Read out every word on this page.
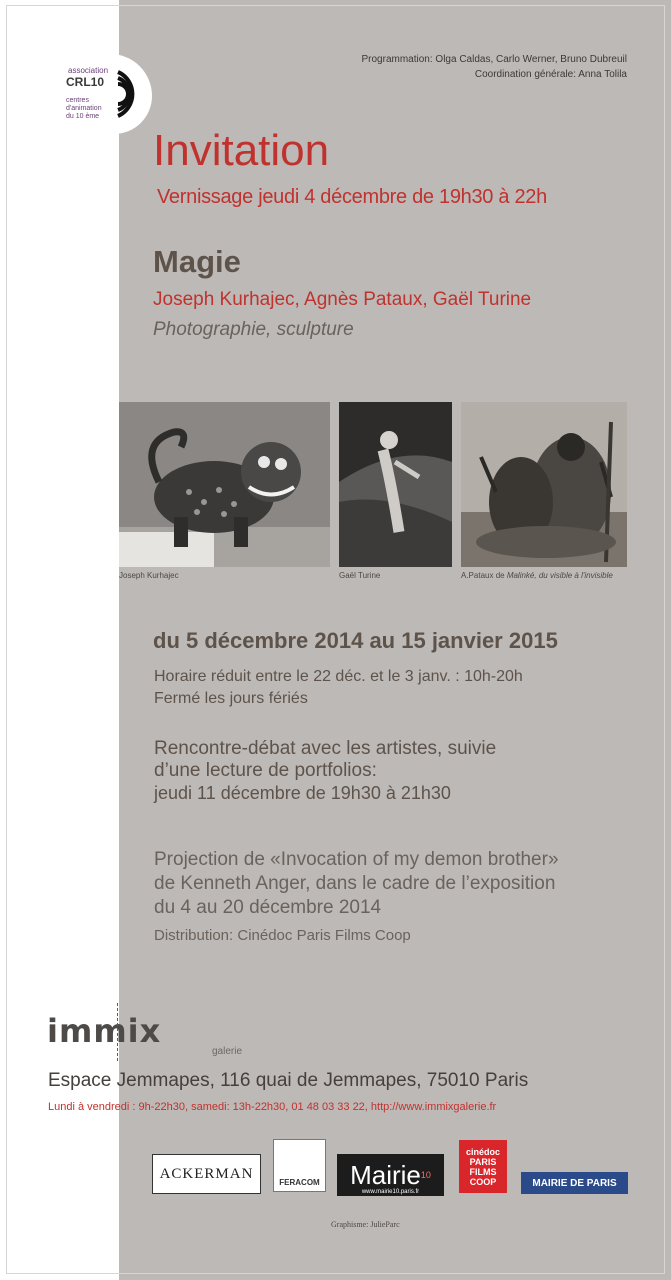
association
CRL10
centres d'animation du 10 ème
Programmation: Olga Caldas, Carlo Werner, Bruno Dubreuil
Coordination générale: Anna Tolila
Invitation
Vernissage jeudi 4 décembre de 19h30 à 22h
Magie
Joseph Kurhajec, Agnès Pataux, Gaël Turine
Photographie, sculpture
Joseph Kurhajec	Gaël Turine	A.Pataux de Malinké, du visible à l'invisible
du 5 décembre 2014 au 15 janvier 2015
Horaire réduit entre le 22 déc. et le 3 janv. : 10h-20h
Fermé les jours fériés
Rencontre-débat avec les artistes, suivie
d’une lecture de portfolios:
jeudi 11 décembre de 19h30 à 21h30
Projection de «Invocation of my demon brother»
de Kenneth Anger, dans le cadre de l’exposition
du 4 au 20 décembre 2014
Distribution: Cinédoc Paris Films Coop
immix
galerie
Espace Jemmapes, 116 quai de Jemmapes, 75010 Paris
Lundi à vendredi : 9h-22h30, samedi: 13h-22h30, 01 48 03 33 22, http://www.immixgalerie.fr
ACKERMAN
FERACOM Mairie 10
www.mairie10.paris.fr
cinédoc
PARIS
FILMS
COOP	MAIRIE DE PARIS
Graphisme: JulieParc
